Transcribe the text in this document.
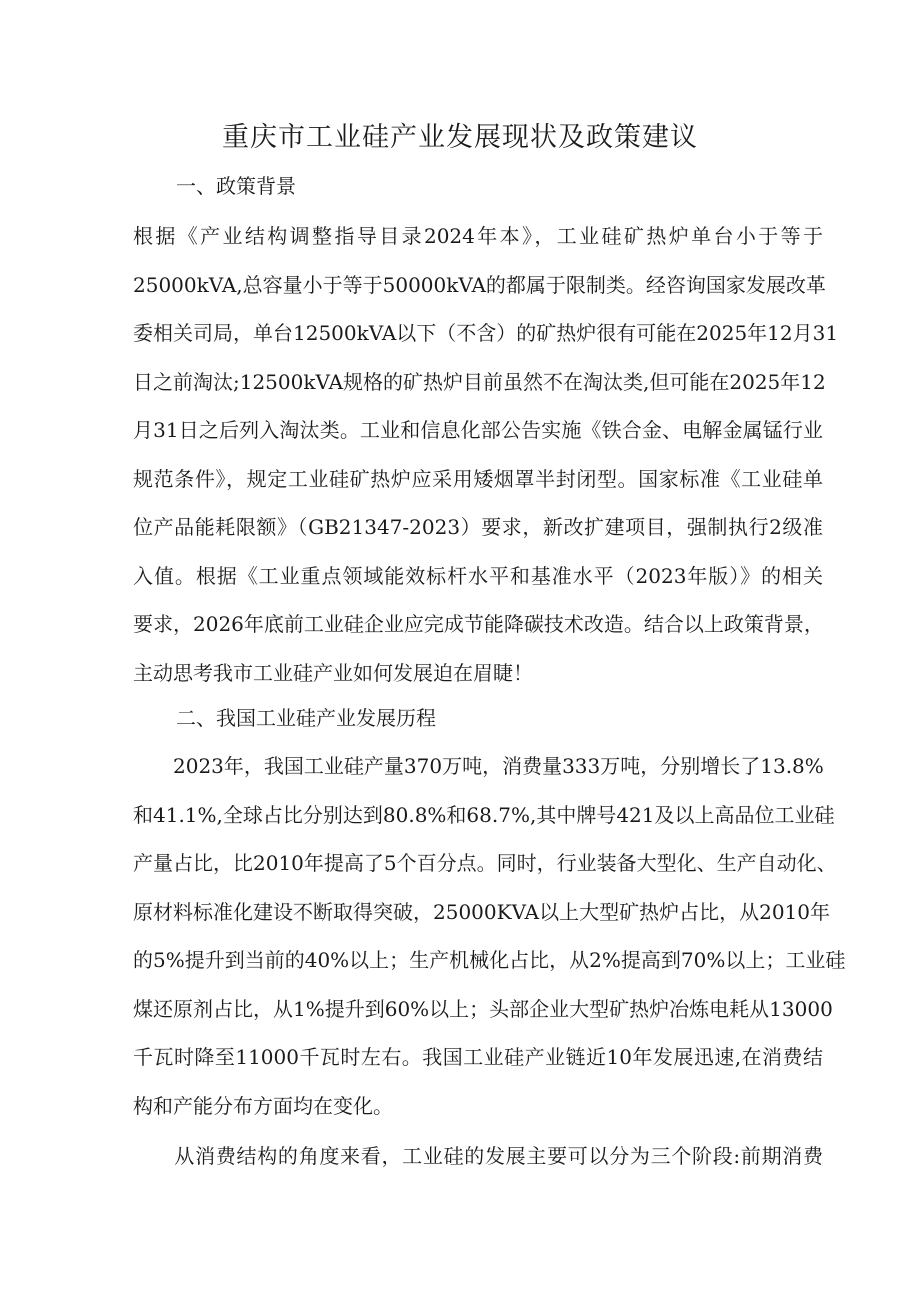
重庆市工业硅产业发展现状及政策建议
一、政策背景
根据《产业结构调整指导目录2024年本》，工业硅矿热炉单台小于等于
25000kVA,总容量小于等于50000kVA的都属于限制类。经咨询国家发展改革
委相关司局，单台12500kVA以下（不含）的矿热炉很有可能在2025年12月31
日之前淘汰;12500kVA规格的矿热炉目前虽然不在淘汰类,但可能在2025年12
月31日之后列入淘汰类。工业和信息化部公告实施《铁合金、电解金属锰行业
规范条件》，规定工业硅矿热炉应采用矮烟罩半封闭型。国家标准《工业硅单
位产品能耗限额》（GB21347-2023）要求，新改扩建项目，强制执行2级准
入值。根据《工业重点领域能效标杆水平和基准水平（2023年版）》的相关
要求，2026年底前工业硅企业应完成节能降碳技术改造。结合以上政策背景，
主动思考我市工业硅产业如何发展迫在眉睫！
二、我国工业硅产业发展历程
　　2023年，我国工业硅产量370万吨，消费量333万吨，分别增长了13.8%
和41.1%,全球占比分别达到80.8%和68.7%,其中牌号421及以上高品位工业硅
产量占比，比2010年提高了5个百分点。同时，行业装备大型化、生产自动化、
原材料标准化建设不断取得突破，25000KVA以上大型矿热炉占比，从2010年
的5%提升到当前的40%以上；生产机械化占比，从2%提高到70%以上；工业硅
煤还原剂占比，从1%提升到60%以上；头部企业大型矿热炉冶炼电耗从13000
千瓦时降至11000千瓦时左右。我国工业硅产业链近10年发展迅速,在消费结
构和产能分布方面均在变化。
　　从消费结构的角度来看，工业硅的发展主要可以分为三个阶段:前期消费
